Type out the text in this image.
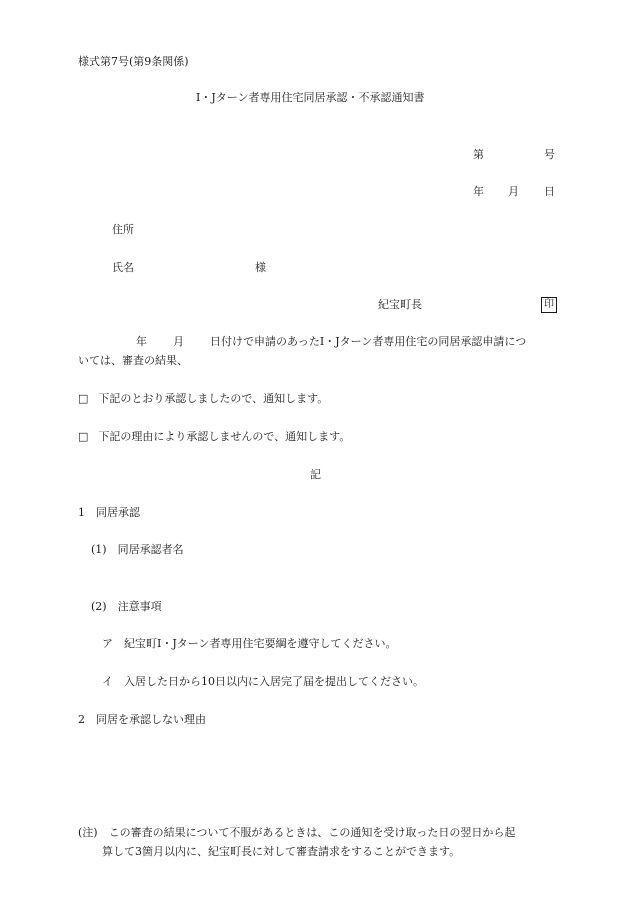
様式第7号(第9条関係)
I・Jターン者専用住宅同居承認・不承認通知書
第	号
年 月 日
住所
氏名	様
紀宝町長	印
年 月 日付けで申請のあったI・Jターン者専用住宅の同居承認申請につ
いては、審査の結果、
□ 下記のとおり承認しましたので、通知します。
□ 下記の理由により承認しませんので、通知します。
記
1　同居承認
(1)　同居承認者名
(2)　注意事項
ア　紀宝町I・Jターン者専用住宅要綱を遵守してください。
イ　入居した日から10日以内に入居完了届を提出してください。
2　同居を承認しない理由
(注)　この審査の結果について不服があるときは、この通知を受け取った日の翌日から起
算して3箇月以内に、紀宝町長に対して審査請求をすることができます。
